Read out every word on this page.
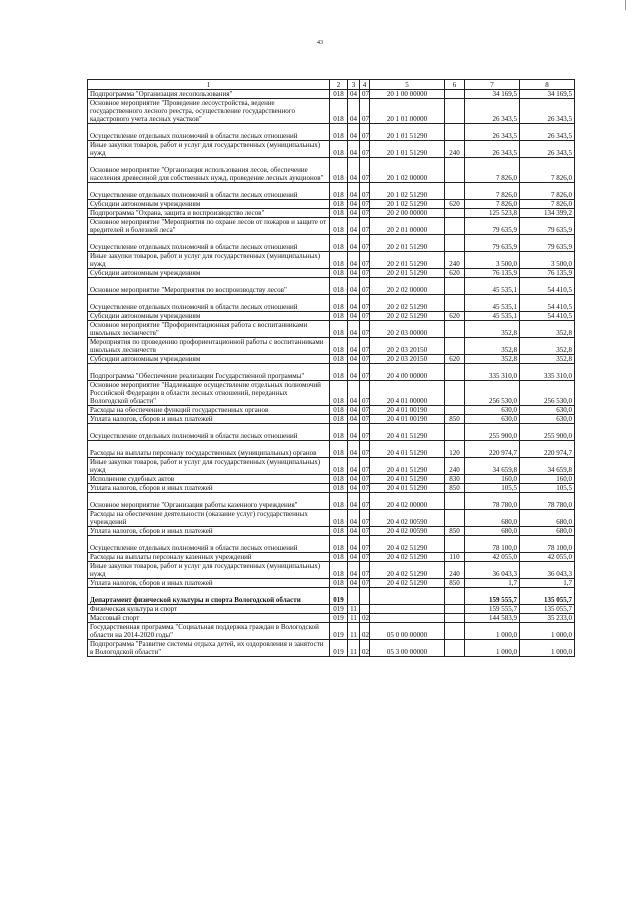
43
1	2	3	4	5	6	7	8
Подпрограмма "Организация лесопользования"	018	04	07	20 1 00 00000		34 169,5	34 169,5
Основное мероприятие "Проведение лесоустройства, ведение государственного лесного реестра, осуществление государственного кадастрового учета лесных участков"	018	04	07	20 1 01 00000		26 343,5	26 343,5
Осуществление отдельных полномочий в области лесных отношений	018	04	07	20 1 01 51290		26 343,5	26 343,5
Иные закупки товаров, работ и услуг для государственных (муниципальных) нужд	018	04	07	20 1 01 51290	240	26 343,5	26 343,5
Основное мероприятие "Организация использования лесов, обеспечение населения древесиной для собственных нужд, проведение лесных аукционов"	018	04	07	20 1 02 00000		7 826,0	7 826,0
Осуществление отдельных полномочий в области лесных отношений	018	04	07	20 1 02 51290		7 826,0	7 826,0
Субсидии автономным учреждениям	018	04	07	20 1 02 51290	620	7 826,0	7 826,0
Подпрограмма "Охрана, защита и воспроизводство лесов"	018	04	07	20 2 00 00000		125 523,8	134 399,2
Основное мероприятие "Мероприятия по охране лесов от пожаров и защите от вредителей и болезней леса"	018	04	07	20 2 01 00000		79 635,9	79 635,9
Осуществление отдельных полномочий в области лесных отношений	018	04	07	20 2 01 51290		79 635,9	79 635,9
Иные закупки товаров, работ и услуг для государственных (муниципальных) нужд	018	04	07	20 2 01 51290	240	3 500,0	3 500,0
Субсидии автономным учреждениям	018	04	07	20 2 01 51290	620	76 135,9	76 135,9
Основное мероприятие "Мероприятия по воспроизводству лесов"	018	04	07	20 2 02 00000		45 535,1	54 410,5
Осуществление отдельных полномочий в области лесных отношений	018	04	07	20 2 02 51290		45 535,1	54 410,5
Субсидии автономным учреждениям	018	04	07	20 2 02 51290	620	45 535,1	54 410,5
Основное мероприятие "Профориентационная работа с воспитанниками школьных лесничеств"	018	04	07	20 2 03 00000		352,8	352,8
Мероприятия по проведению профориентационной работы с воспитанниками школьных лесничеств	018	04	07	20 2 03 20150		352,8	352,8
Субсидии автономным учреждениям	018	04	07	20 2 03 20150	620	352,8	352,8
Подпрограмма "Обеспечение реализации Государственной программы"	018	04	07	20 4 00 00000		335 310,0	335 310,0
Основное мероприятие "Надлежащее осуществление отдельных полномочий Российской Федерации в области лесных отношений, переданных Вологодской области"	018	04	07	20 4 01 00000		256 530,0	256 530,0
Расходы на обеспечение функций государственных органов	018	04	07	20 4 01 00190		630,0	630,0
Уплата налогов, сборов и иных платежей	018	04	07	20 4 01 00190	850	630,0	630,0
Осуществление отдельных полномочий в области лесных отношений	018	04	07	20 4 01 51290		255 900,0	255 900,0
Расходы на выплаты персоналу государственных (муниципальных) органов	018	04	07	20 4 01 51290	120	220 974,7	220 974,7
Иные закупки товаров, работ и услуг для государственных (муниципальных) нужд	018	04	07	20 4 01 51290	240	34 659,8	34 659,8
Исполнение судебных актов	018	04	07	20 4 01 51290	830	160,0	160,0
Уплата налогов, сборов и иных платежей	018	04	07	20 4 01 51290	850	105,5	105,5
Основное мероприятие "Организация работы казенного учреждения"	018	04	07	20 4 02 00000		78 780,0	78 780,0
Расходы на обеспечение деятельности (оказание услуг) государственных учреждений	018	04	07	20 4 02 00590		680,0	680,0
Уплата налогов, сборов и иных платежей	018	04	07	20 4 02 00590	850	680,0	680,0
Осуществление отдельных полномочий в области лесных отношений	018	04	07	20 4 02 51290		78 100,0	78 100,0
Расходы на выплаты персоналу казенных учреждений	018	04	07	20 4 02 51290	110	42 055,0	42 055,0
Иные закупки товаров, работ и услуг для государственных (муниципальных) нужд	018	04	07	20 4 02 51290	240	36 043,3	36 043,3
Уплата налогов, сборов и иных платежей	018	04	07	20 4 02 51290	850	1,7	1,7
Департамент физической культуры и спорта Вологодской области	019					159 555,7	135 055,7
Физическая культура и спорт	019	11				159 555,7	135 055,7
Массовый спорт	019	11	02			144 583,9	35 233,0
Государственная программа "Социальная поддержка граждан в Вологодской области на 2014-2020 годы"	019	11	02	05 0 00 00000		1 000,0	1 000,0
Подпрограмма "Развитие системы отдыха детей, их оздоровления и занятости в Вологодской области"	019	11	02	05 3 00 00000		1 000,0	1 000,0
